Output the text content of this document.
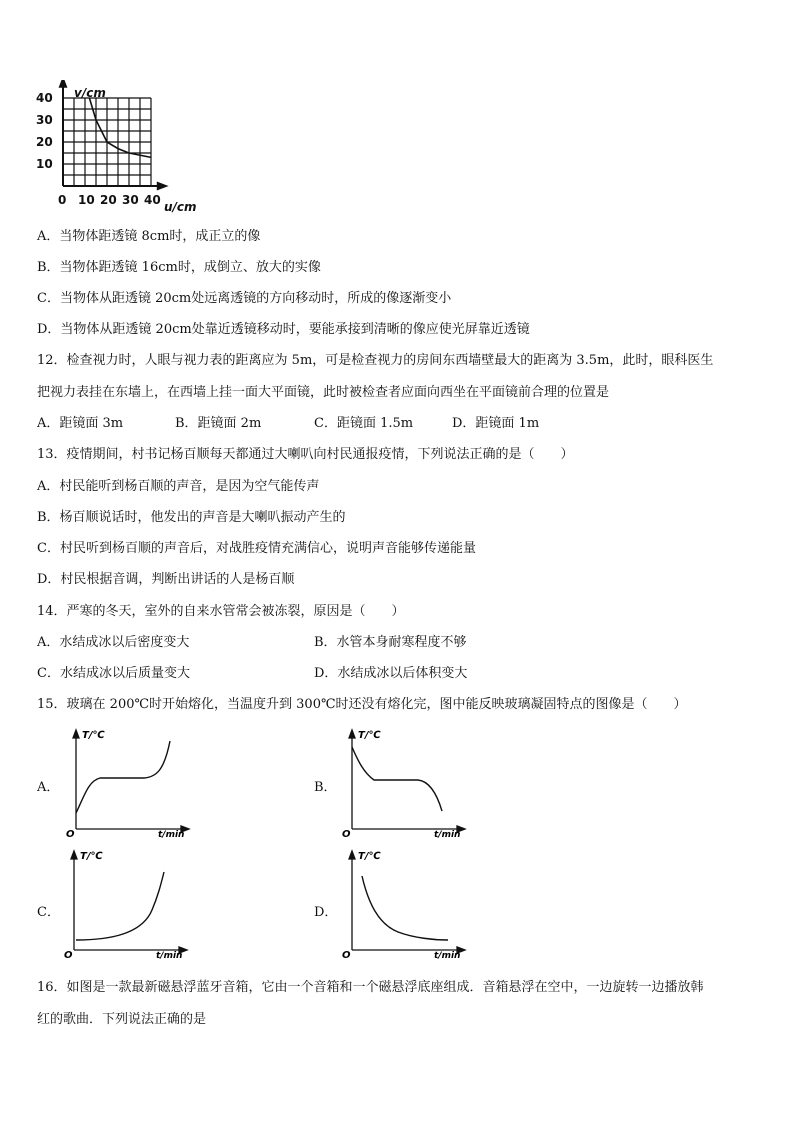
0 10 20 30 40
10
20
30
40 v/cm
u/cm
A．当物体距透镜 8cm时，成正立的像
B．当物体距透镜 16cm时，成倒立、放大的实像
C．当物体从距透镜 20cm处远离透镜的方向移动时，所成的像逐渐变小
D．当物体从距透镜 20cm处靠近透镜移动时，要能承接到清晰的像应使光屏靠近透镜
12．检查视力时，人眼与视力表的距离应为 5m，可是检查视力的房间东西墙壁最大的距离为 3.5m，此时，眼科医生
把视力表挂在东墙上，在西墙上挂一面大平面镜，此时被检查者应面向西坐在平面镜前合理的位置是
A．距镜面 3m	B．距镜面 2m	C．距镜面 1.5m	D．距镜面 1m
13．疫情期间，村书记杨百顺每天都通过大喇叭向村民通报疫情，下列说法正确的是（　　）
A．村民能听到杨百顺的声音，是因为空气能传声
B．杨百顺说话时，他发出的声音是大喇叭振动产生的
C．村民听到杨百顺的声音后，对战胜疫情充满信心，说明声音能够传递能量
D．村民根据音调，判断出讲话的人是杨百顺
14．严寒的冬天，室外的自来水管常会被冻裂，原因是（　　）
A．水结成冰以后密度变大	B．水管本身耐寒程度不够
C．水结成冰以后质量变大	D．水结成冰以后体积变大
15．玻璃在 200℃时开始熔化，当温度升到 300℃时还没有熔化完，图中能反映玻璃凝固特点的图像是（　　）
A．
T/℃
t/min
O
B．
T/℃
t/min
O
C．
T/℃
t/min
O
D．
T/℃
t/min
O
16．如图是一款最新磁悬浮蓝牙音箱，它由一个音箱和一个磁悬浮底座组成．音箱悬浮在空中，一边旋转一边播放韩
红的歌曲．下列说法正确的是
